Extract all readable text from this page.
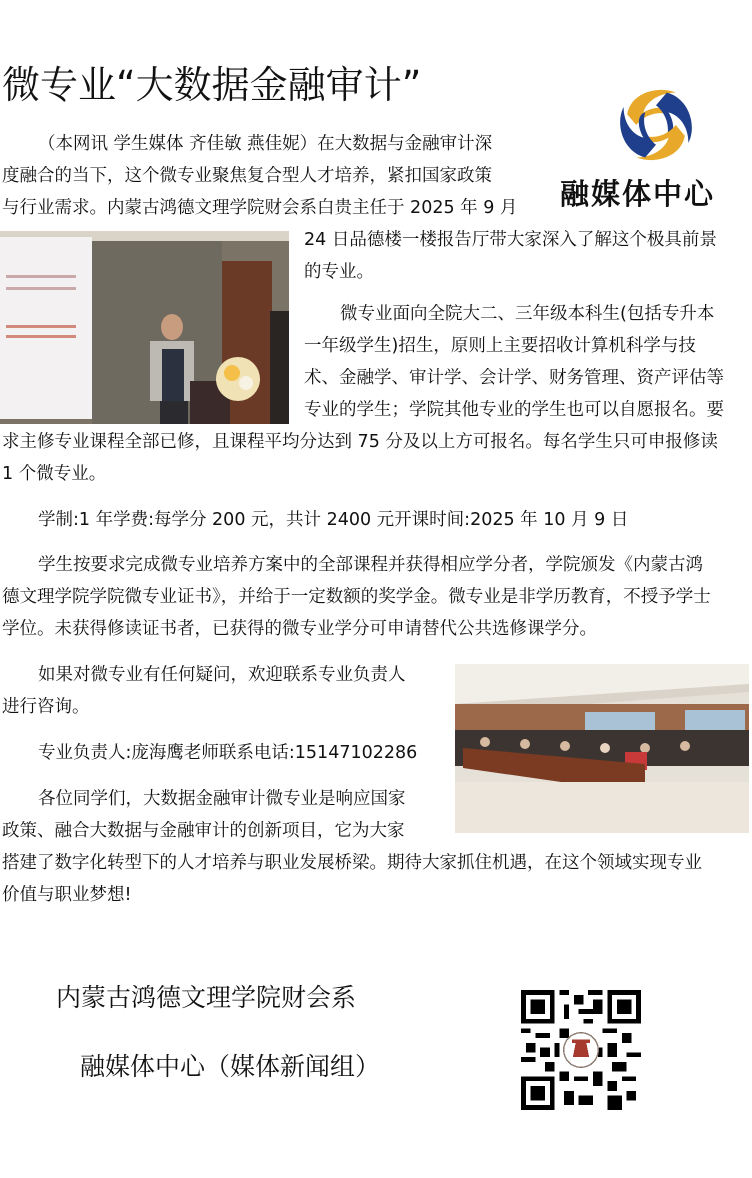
微专业“大数据金融审计”
融媒体中心
（本网讯 学生媒体 齐佳敏 燕佳妮）在大数据与金融审计深
度融合的当下，这个微专业聚焦复合型人才培养，紧扣国家政策
与行业需求。内蒙古鸿德文理学院财会系白贵主任于 2025 年 9 月
24 日品德楼一楼报告厅带大家深入了解这个极具前景
的专业。
微专业面向全院大二、三年级本科生(包括专升本
一年级学生)招生，原则上主要招收计算机科学与技
术、金融学、审计学、会计学、财务管理、资产评估等
专业的学生；学院其他专业的学生也可以自愿报名。要
求主修专业课程全部已修，且课程平均分达到 75 分及以上方可报名。每名学生只可申报修读
1 个微专业。
学制:1 年学费:每学分 200 元，共计 2400 元开课时间:2025 年 10 月 9 日
学生按要求完成微专业培养方案中的全部课程并获得相应学分者，学院颁发《内蒙古鸿
德文理学院学院微专业证书》，并给于一定数额的奖学金。微专业是非学历教育，不授予学士
学位。未获得修读证书者，已获得的微专业学分可申请替代公共选修课学分。
如果对微专业有任何疑问，欢迎联系专业负责人
进行咨询。
专业负责人:庞海鹰老师联系电话:15147102286
各位同学们，大数据金融审计微专业是响应国家
政策、融合大数据与金融审计的创新项目，它为大家
搭建了数字化转型下的人才培养与职业发展桥梁。期待大家抓住机遇，在这个领域实现专业
价值与职业梦想!
内蒙古鸿德文理学院财会系
融媒体中心（媒体新闻组）
